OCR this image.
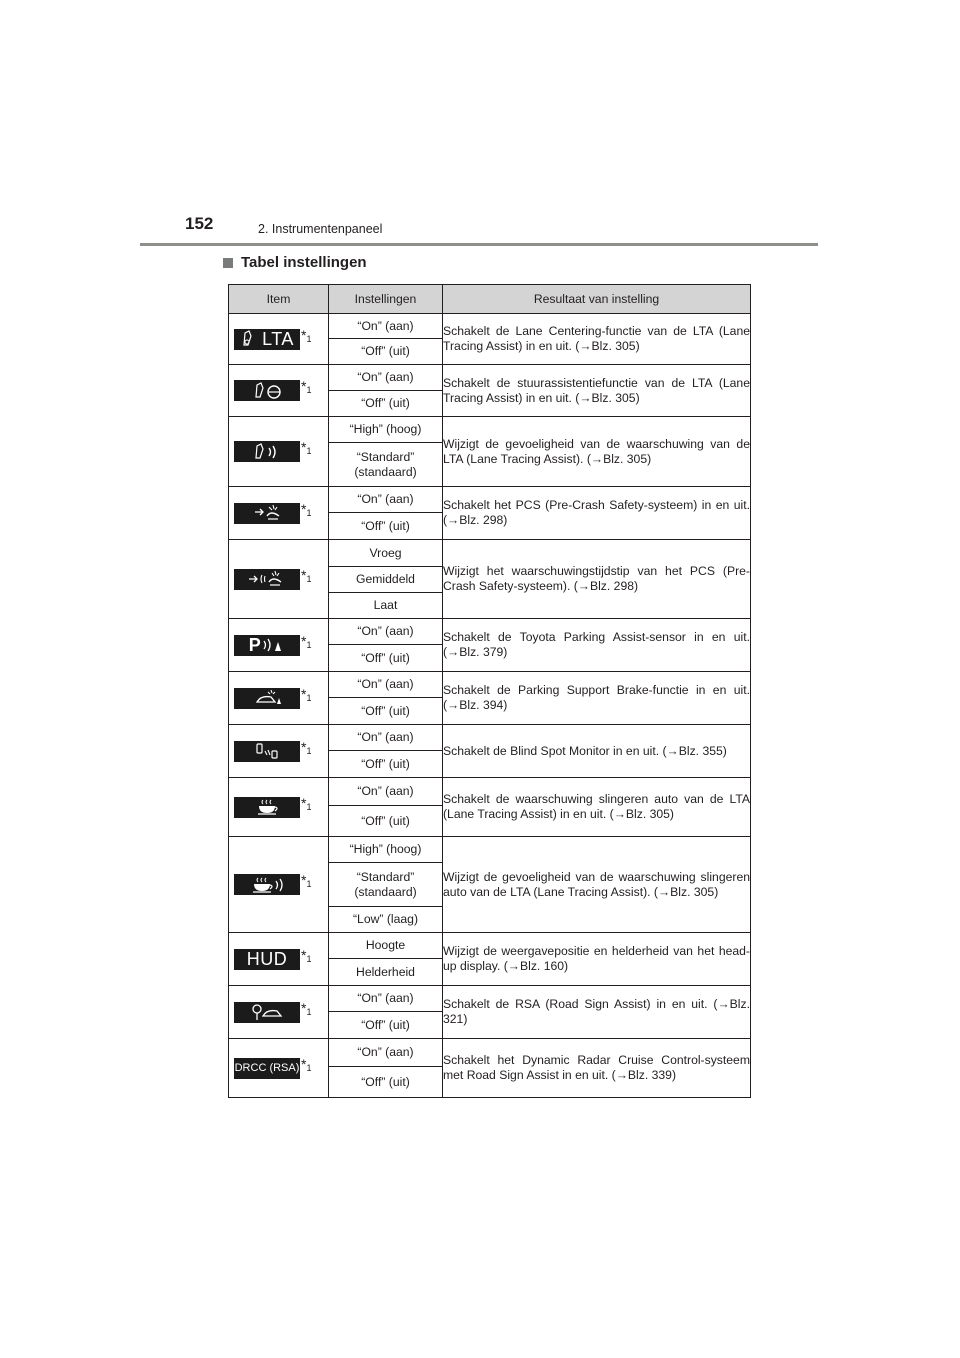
152	2. Instrumentenpaneel
Tabel instellingen
Item	Instellingen	Resultaat van instelling

LTA $*_1$	“On” (aan)	Schakelt de Lane Centering-functie van de LTA (Lane Tracing Assist) in en uit. (→Blz. 305)
	“Off” (uit)	

$*_1$	“On” (aan)	Schakelt de stuurassistentiefunctie van de LTA (Lane Tracing Assist) in en uit. (→Blz. 305)
	“Off” (uit)	

$*_1$	“High” (hoog)	Wijzigt de gevoeligheid van de waarschuwing van de LTA (Lane Tracing Assist). (→Blz. 305)
	“Standard” (standaard)	

$*_1$	“On” (aan)	Schakelt het PCS (Pre-Crash Safety-systeem) in en uit. (→Blz. 298)
	“Off” (uit)	

$*_1$	Vroeg	Wijzigt het waarschuwingstijdstip van het PCS (Pre-Crash Safety-systeem). (→Blz. 298)
	Gemiddeld	
	Laat	

P $*_1$	“On” (aan)	Schakelt de Toyota Parking Assist-sensor in en uit. (→Blz. 379)
	“Off” (uit)	

$*_1$	“On” (aan)	Schakelt de Parking Support Brake-functie in en uit. (→Blz. 394)
	“Off” (uit)	

$*_1$	“On” (aan)	Schakelt de Blind Spot Monitor in en uit. (→Blz. 355)
	“Off” (uit)	

$*_1$	“On” (aan)	Schakelt de waarschuwing slingeren auto van de LTA (Lane Tracing Assist) in en uit. (→Blz. 305)
	“Off” (uit)	

$*_1$	“High” (hoog)	Wijzigt de gevoeligheid van de waarschuwing slingeren auto van de LTA (Lane Tracing Assist). (→Blz. 305)
	“Standard” (standaard)	
	“Low” (laag)	

HUD $*_1$	Hoogte	Wijzigt de weergavepositie en helderheid van het head-up display. (→Blz. 160)
	Helderheid	

$*_1$	“On” (aan)	Schakelt de RSA (Road Sign Assist) in en uit. (→Blz. 321)
	“Off” (uit)	

DRCC (RSA) $*_1$	“On” (aan)	Schakelt het Dynamic Radar Cruise Control-systeem met Road Sign Assist in en uit. (→Blz. 339)
	“Off” (uit)	
